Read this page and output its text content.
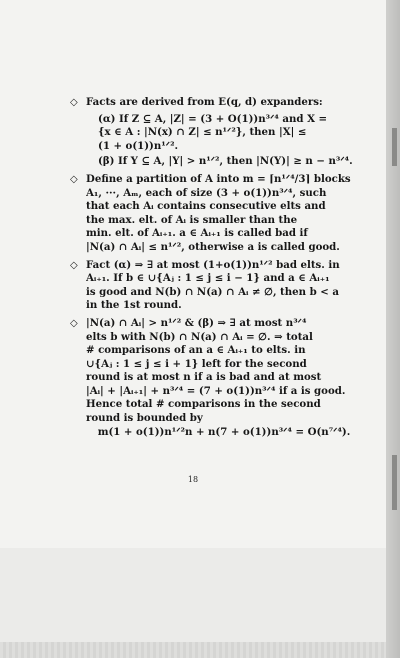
◇ Facts are derived from E(q, d) expanders:
(α) If Z ⊆ A, |Z| = (3 + O(1))n³ᐟ⁴ and X =
{x ∈ A : |N(x) ∩ Z| ≤ n¹ᐟ²}, then |X| ≤
(1 + o(1))n¹ᐟ².
(β) If Y ⊆ A, |Y| > n¹ᐟ², then |N(Y)| ≥ n − n³ᐟ⁴.
◇ Define a partition of A into m = ⌈n¹ᐟ⁴/3⌉ blocks
A₁, ···, Aₘ, each of size (3 + o(1))n³ᐟ⁴, such
that each Aᵢ contains consecutive elts and
the max. elt. of Aᵢ is smaller than the
min. elt. of Aᵢ₊₁. a ∈ Aᵢ₊₁ is called bad if
|N(a) ∩ Aᵢ| ≤ n¹ᐟ², otherwise a is called good.
◇ Fact (α) ⇒ ∃ at most (1+o(1))n¹ᐟ² bad elts. in
Aᵢ₊₁. If b ∈ ∪{Aⱼ : 1 ≤ j ≤ i − 1} and a ∈ Aᵢ₊₁
is good and N(b) ∩ N(a) ∩ Aᵢ ≠ ∅, then b < a
in the 1st round.
◇ |N(a) ∩ Aᵢ| > n¹ᐟ² & (β) ⇒ ∃ at most n³ᐟ⁴
elts b with N(b) ∩ N(a) ∩ Aᵢ = ∅. ⇒ total
# comparisons of an a ∈ Aᵢ₊₁ to elts. in
∪{Aⱼ : 1 ≤ j ≤ i + 1} left for the second
round is at most n if a is bad and at most
|Aᵢ| + |Aᵢ₊₁| + n³ᐟ⁴ = (7 + o(1))n³ᐟ⁴ if a is good.
Hence total # comparisons in the second
round is bounded by
m(1 + o(1))n¹ᐟ²n + n(7 + o(1))n³ᐟ⁴ = O(n⁷ᐟ⁴).
18
